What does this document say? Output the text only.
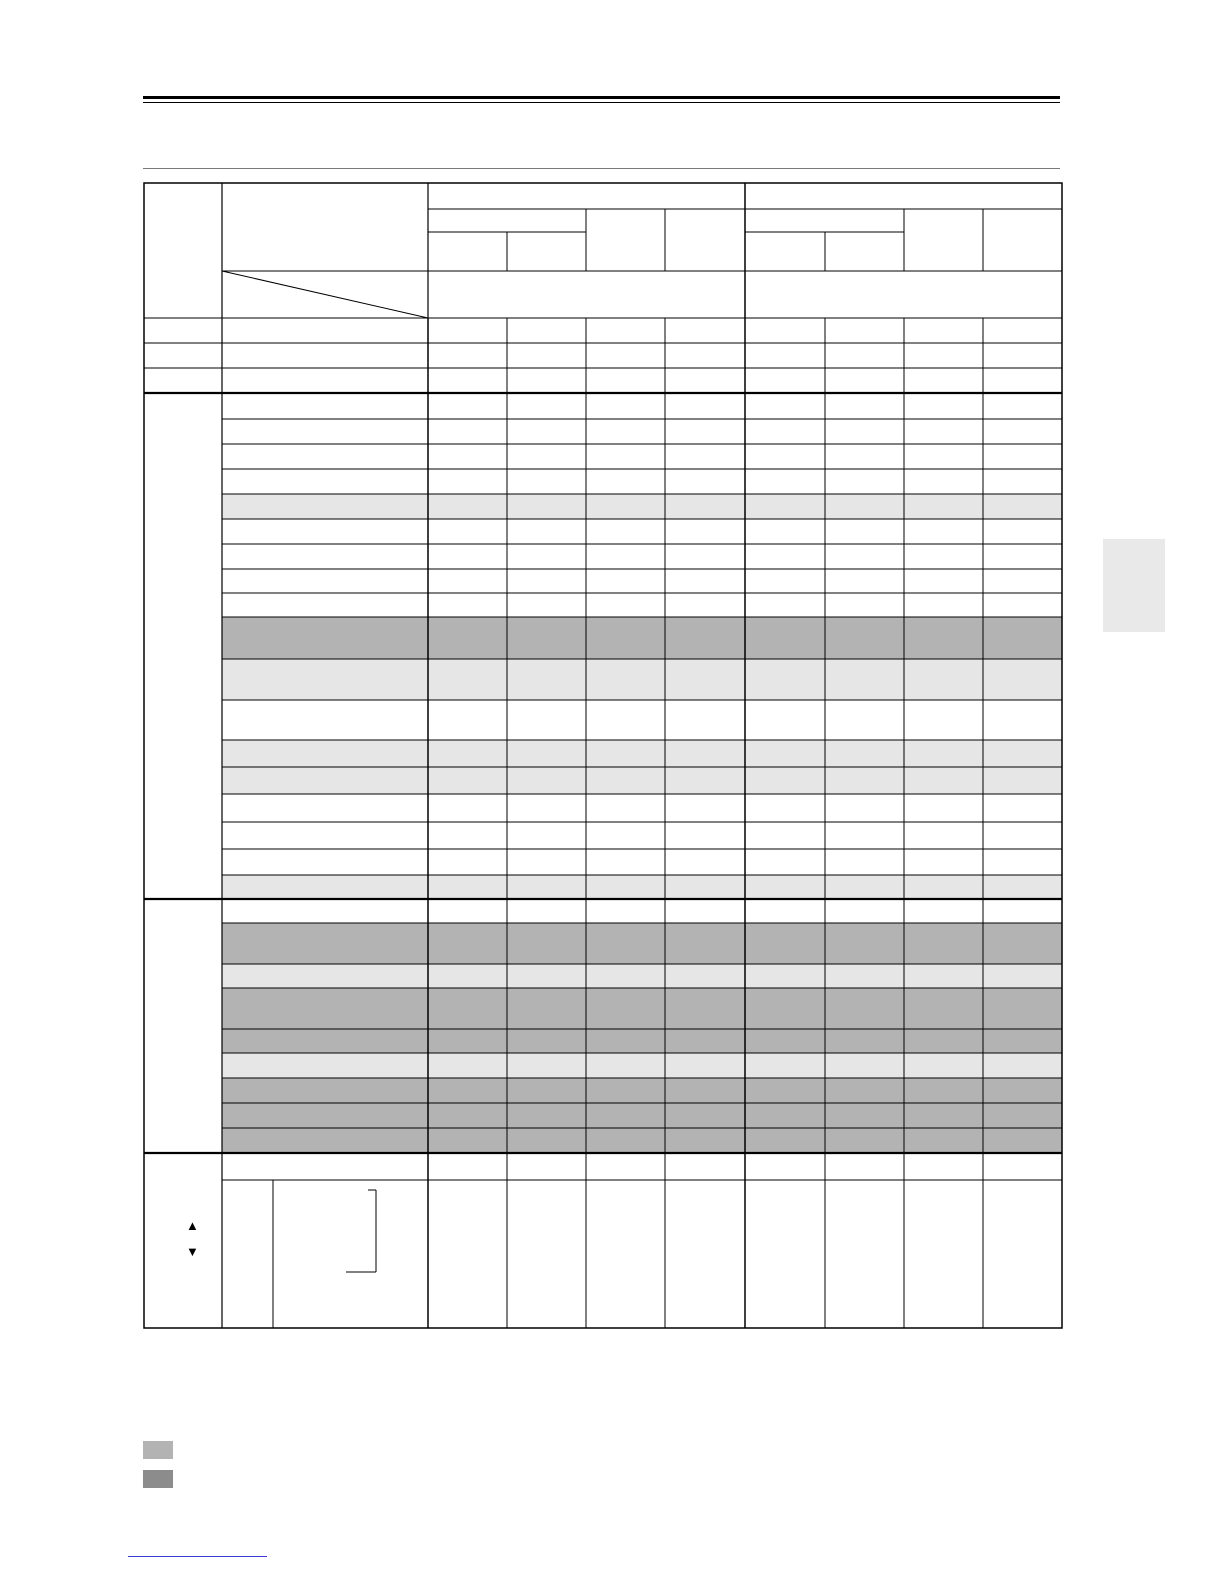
▲
▼
